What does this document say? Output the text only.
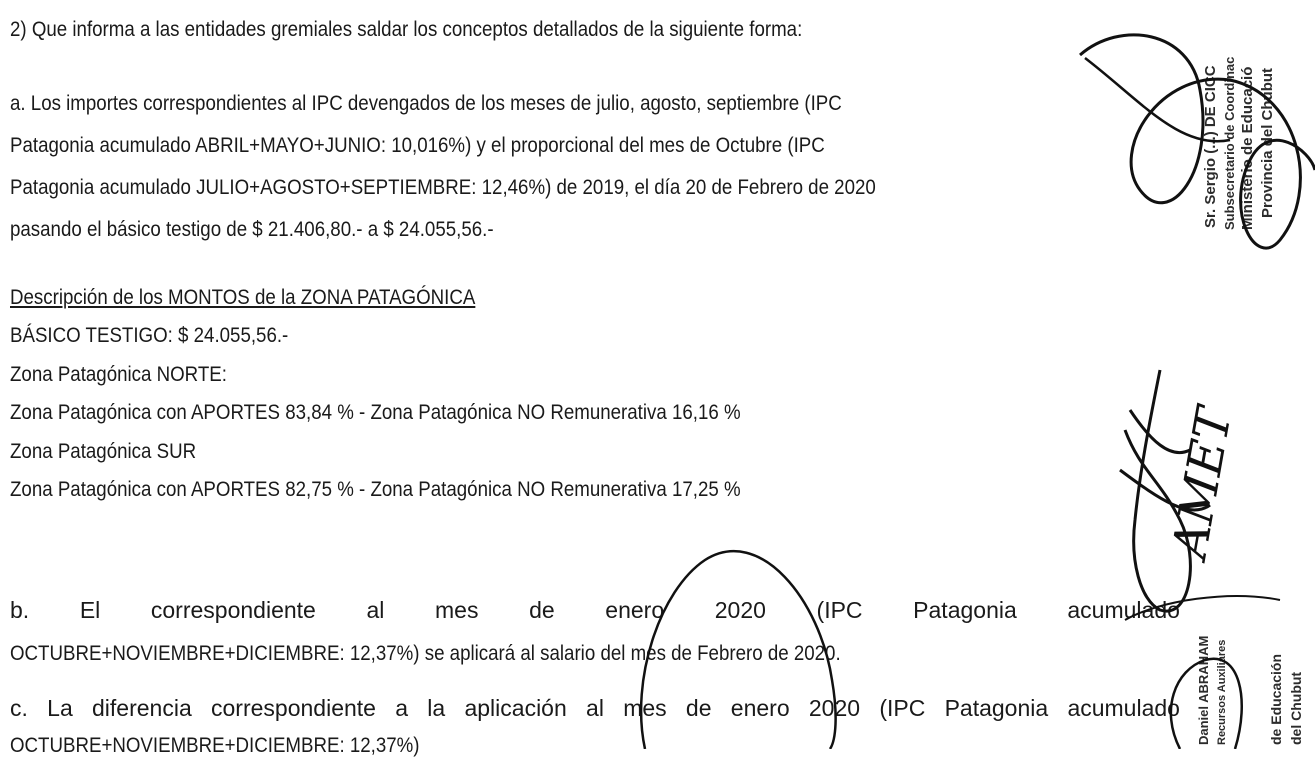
2) Que informa a las entidades gremiales saldar los conceptos detallados de la siguiente forma:
a. Los importes correspondientes al IPC devengados de los meses de julio, agosto, septiembre (IPC
Patagonia acumulado ABRIL+MAYO+JUNIO: 10,016%) y el proporcional del mes de Octubre (IPC
Patagonia acumulado JULIO+AGOSTO+SEPTIEMBRE: 12,46%) de 2019, el día 20 de Febrero de 2020
pasando el básico testigo de $ 21.406,80.- a $ 24.055,56.-
Descripción de los MONTOS de la ZONA PATAGÓNICA
BÁSICO TESTIGO: $ 24.055,56.-
Zona Patagónica NORTE:
Zona Patagónica con APORTES 83,84 % - Zona Patagónica NO Remunerativa 16,16 %
Zona Patagónica SUR
Zona Patagónica con APORTES 82,75 % - Zona Patagónica NO Remunerativa 17,25 %
b. El correspondiente al mes de enero 2020 (IPC Patagonia acumulado
OCTUBRE+NOVIEMBRE+DICIEMBRE: 12,37%) se aplicará al salario del mes de Febrero de 2020.
c. La diferencia correspondiente a la aplicación al mes de enero 2020 (IPC Patagonia acumulado
OCTUBRE+NOVIEMBRE+DICIEMBRE: 12,37%)
Sr. Sergio (...) DE CICC Subsecretario de Coordinac Ministerio de Educació Provincia del Chubut
Daniel ABRAHAM Recursos Auxiliares	de Educación del Chubut
AMET
